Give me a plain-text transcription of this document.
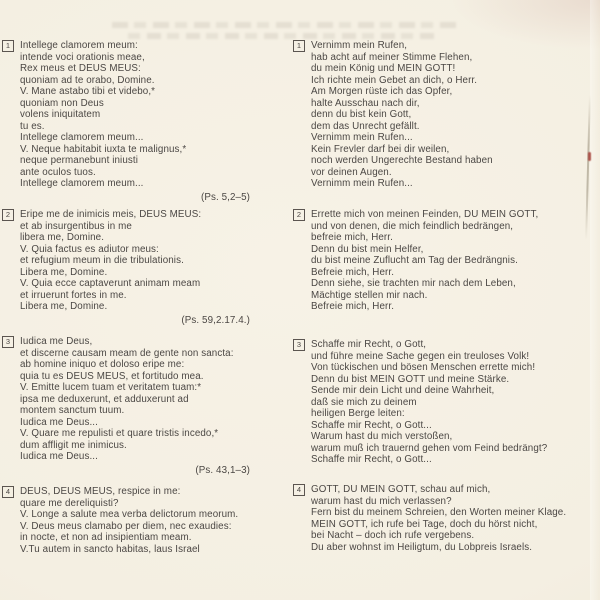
1	Intellege clamorem meum:
intende voci orationis meae,
Rex meus et DEUS MEUS:
quoniam ad te orabo, Domine.
V. Mane astabo tibi et videbo,*
quoniam non Deus
volens iniquitatem
tu es.
Intellege clamorem meum...
V. Neque habitabit iuxta te malignus,*
neque permanebunt iniusti
ante oculos tuos.
Intellege clamorem meum...
(Ps. 5,2–5)
2	Eripe me de inimicis meis, DEUS MEUS:
et ab insurgentibus in me
libera me, Domine.
V. Quia factus es adiutor meus:
et refugium meum in die tribulationis.
Libera me, Domine.
V. Quia ecce captaverunt animam meam
et irruerunt fortes in me.
Libera me, Domine.
(Ps. 59,2.17.4.)
3	Iudica me Deus,
et discerne causam meam de gente non sancta:
ab homine iniquo et doloso eripe me:
quia tu es DEUS MEUS, et fortitudo mea.
V. Emitte lucem tuam et veritatem tuam:*
ipsa me deduxerunt, et adduxerunt ad
montem sanctum tuum.
Iudica me Deus...
V. Quare me repulisti et quare tristis incedo,*
dum affligit me inimicus.
Iudica me Deus...
(Ps. 43,1–3)
4	DEUS, DEUS MEUS, respice in me:
quare me dereliquisti?
V. Longe a salute mea verba delictorum meorum.
V. Deus meus clamabo per diem, nec exaudies:
in nocte, et non ad insipientiam meam.
V.Tu autem in sancto habitas, laus Israel
1	Vernimm mein Rufen,
hab acht auf meiner Stimme Flehen,
du mein König und MEIN GOTT!
Ich richte mein Gebet an dich, o Herr.
Am Morgen rüste ich das Opfer,
halte Ausschau nach dir,
denn du bist kein Gott,
dem das Unrecht gefällt.
Vernimm mein Rufen...
Kein Frevler darf bei dir weilen,
noch werden Ungerechte Bestand haben
vor deinen Augen.
Vernimm mein Rufen...
2	Errette mich von meinen Feinden, DU MEIN GOTT,
und von denen, die mich feindlich bedrängen,
befreie mich, Herr.
Denn du bist mein Helfer,
du bist meine Zuflucht am Tag der Bedrängnis.
Befreie mich, Herr.
Denn siehe, sie trachten mir nach dem Leben,
Mächtige stellen mir nach.
Befreie mich, Herr.
3	Schaffe mir Recht, o Gott,
und führe meine Sache gegen ein treuloses Volk!
Von tückischen und bösen Menschen errette mich!
Denn du bist MEIN GOTT und meine Stärke.
Sende mir dein Licht und deine Wahrheit,
daß sie mich zu deinem
heiligen Berge leiten:
Schaffe mir Recht, o Gott...
Warum hast du mich verstoßen,
warum muß ich trauernd gehen vom Feind bedrängt?
Schaffe mir Recht, o Gott...
4	GOTT, DU MEIN GOTT, schau auf mich,
warum hast du mich verlassen?
Fern bist du meinem Schreien, den Worten meiner Klage.
MEIN GOTT, ich rufe bei Tage, doch du hörst nicht,
bei Nacht – doch ich rufe vergebens.
Du aber wohnst im Heiligtum, du Lobpreis Israels.
